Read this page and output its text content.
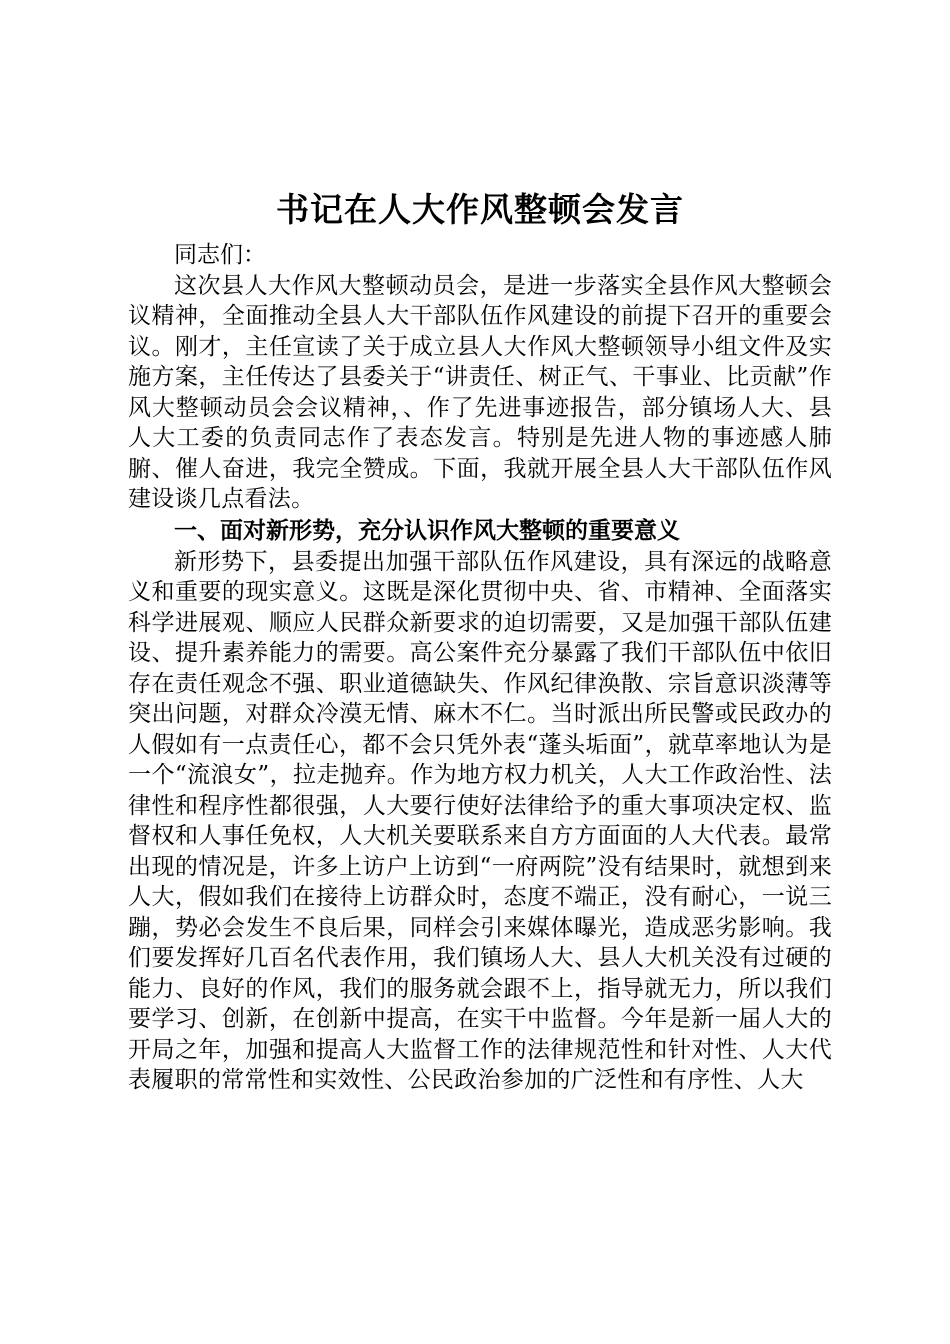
书记在人大作风整顿会发言

同志们：

这次县人大作风大整顿动员会，是进一步落实全县作风大整顿会议精神，全面推动全县人大干部队伍作风建设的前提下召开的重要会议。刚才，主任宣读了关于成立县人大作风大整顿领导小组文件及实施方案，主任传达了县委关于“讲责任、树正气、干事业、比贡献”作风大整顿动员会会议精神，、作了先进事迹报告，部分镇场人大、县人大工委的负责同志作了表态发言。特别是先进人物的事迹感人肺腑、催人奋进，我完全赞成。下面，我就开展全县人大干部队伍作风建设谈几点看法。

一、面对新形势，充分认识作风大整顿的重要意义

新形势下，县委提出加强干部队伍作风建设，具有深远的战略意义和重要的现实意义。这既是深化贯彻中央、省、市精神、全面落实科学进展观、顺应人民群众新要求的迫切需要，又是加强干部队伍建设、提升素养能力的需要。高公案件充分暴露了我们干部队伍中依旧存在责任观念不强、职业道德缺失、作风纪律涣散、宗旨意识淡薄等突出问题，对群众冷漠无情、麻木不仁。当时派出所民警或民政办的人假如有一点责任心，都不会只凭外表“蓬头垢面”，就草率地认为是一个“流浪女”，拉走抛弃。作为地方权力机关，人大工作政治性、法律性和程序性都很强，人大要行使好法律给予的重大事项决定权、监督权和人事任免权，人大机关要联系来自方方面面的人大代表。最常出现的情况是，许多上访户上访到“一府两院”没有结果时，就想到来人大，假如我们在接待上访群众时，态度不端正，没有耐心，一说三蹦，势必会发生不良后果，同样会引来媒体曝光，造成恶劣影响。我们要发挥好几百名代表作用，我们镇场人大、县人大机关没有过硬的能力、良好的作风，我们的服务就会跟不上，指导就无力，所以我们要学习、创新，在创新中提高，在实干中监督。今年是新一届人大的开局之年，加强和提高人大监督工作的法律规范性和针对性、人大代表履职的常常性和实效性、公民政治参加的广泛性和有序性、人大
